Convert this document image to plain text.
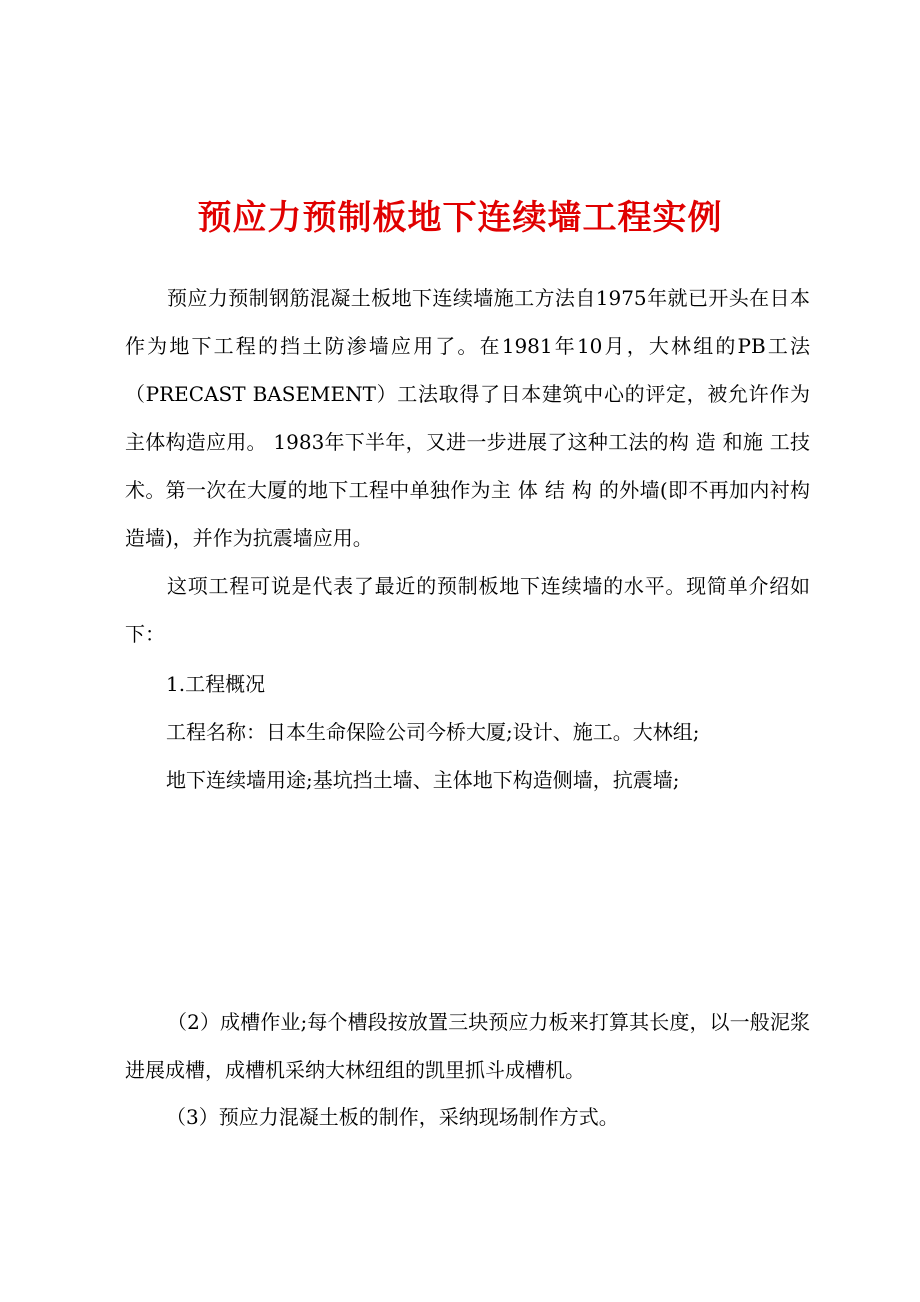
预应力预制板地下连续墙工程实例
预应力预制钢筋混凝土板地下连续墙施工方法自1975年就已开头在日本作为地下工程的挡土防渗墙应用了。在1981年10月，大林组的PB工法（PRECAST BASEMENT）工法取得了日本建筑中心的评定，被允许作为主体构造应用。 1983年下半年，又进一步进展了这种工法的构 造 和施 工技术。第一次在大厦的地下工程中单独作为主 体 结 构 的外墙(即不再加内衬构造墙)，并作为抗震墙应用。
这项工程可说是代表了最近的预制板地下连续墙的水平。现简单介绍如下：
1.工程概况
工程名称：日本生命保险公司今桥大厦;设计、施工。大林组;
地下连续墙用途;基坑挡土墙、主体地下构造侧墙，抗震墙;
（2）成槽作业;每个槽段按放置三块预应力板来打算其长度，以一般泥浆进展成槽，成槽机采纳大林纽组的凯里抓斗成槽机。
（3）预应力混凝土板的制作，采纳现场制作方式。
